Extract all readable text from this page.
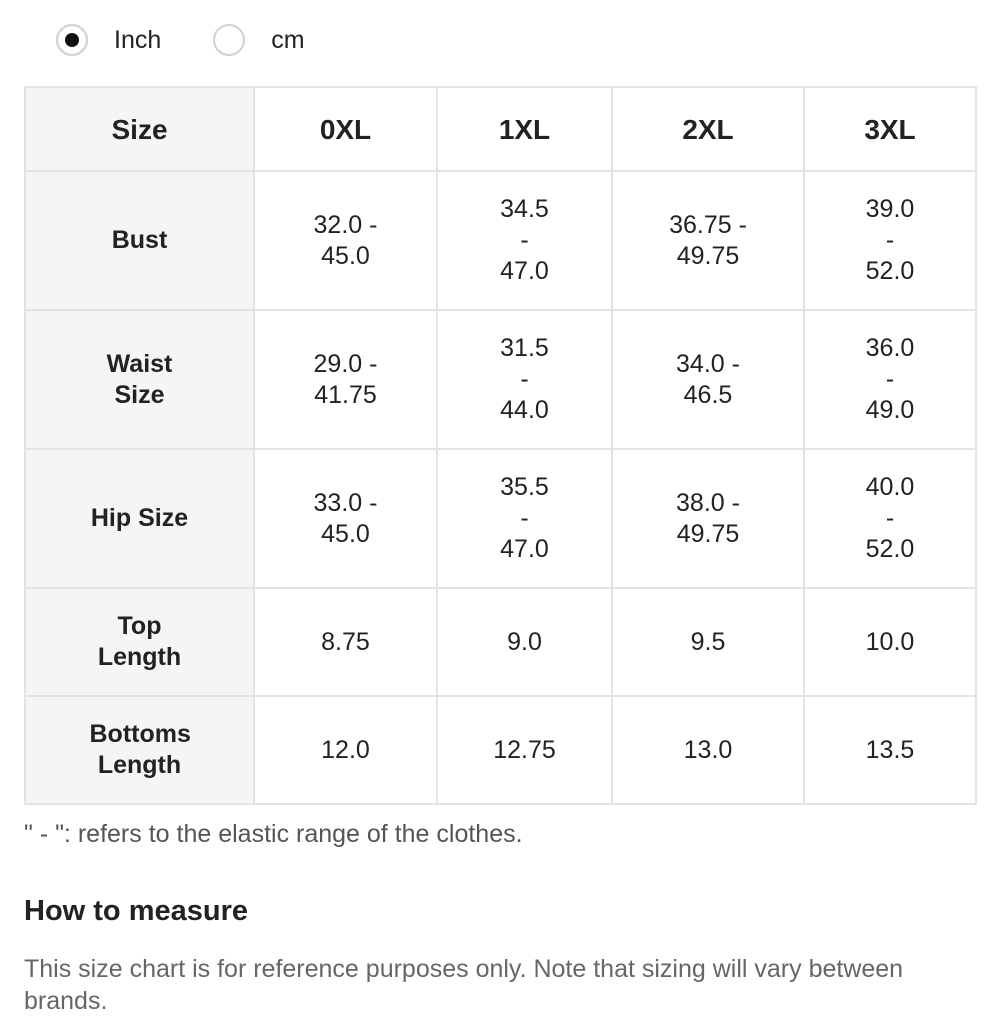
Inch	cm
Size	0XL	1XL	2XL	3XL
Bust	32.0 - 45.0	34.5 - 47.0	36.75 - 49.75	39.0 - 52.0
Waist Size	29.0 - 41.75	31.5 - 44.0	34.0 - 46.5	36.0 - 49.0
Hip Size	33.0 - 45.0	35.5 - 47.0	38.0 - 49.75	40.0 - 52.0
Top Length	8.75	9.0	9.5	10.0
Bottoms Length	12.0	12.75	13.0	13.5
" - ": refers to the elastic range of the clothes.
How to measure
This size chart is for reference purposes only. Note that sizing will vary between brands.
